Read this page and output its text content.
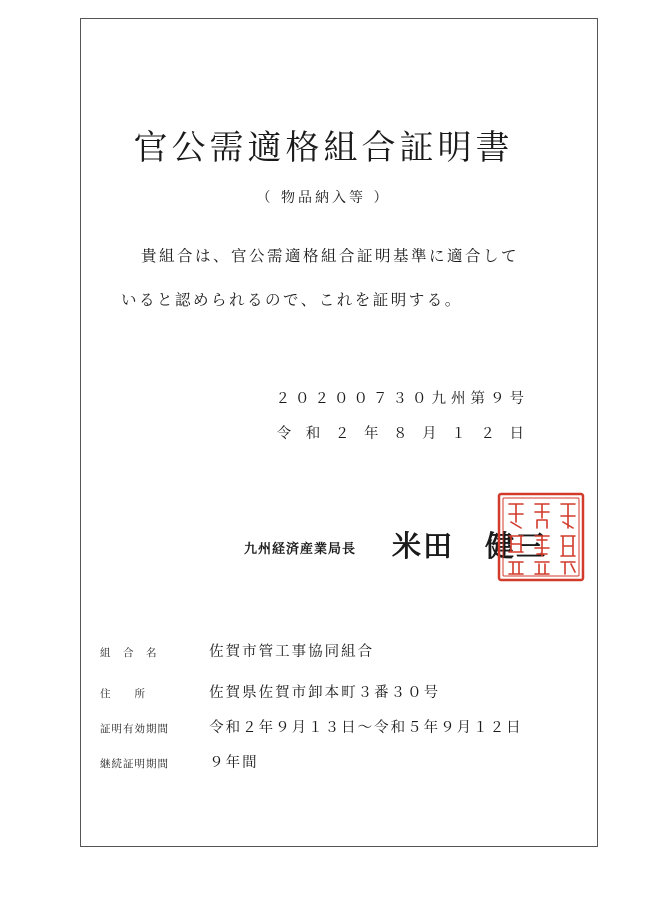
官公需適格組合証明書
（ 物品納入等 ）
貴組合は、官公需適格組合証明基準に適合して
いると認められるので、これを証明する。
２０２００７３０九州第９号
令 和 ２ 年 ８ 月 １ ２ 日
九州経済産業局長 米田　健三
組　合　名	佐賀市管工事協同組合
住　　所	佐賀県佐賀市卸本町３番３０号
証明有効期間	令和２年９月１３日～令和５年９月１２日
継続証明期間	９年間
